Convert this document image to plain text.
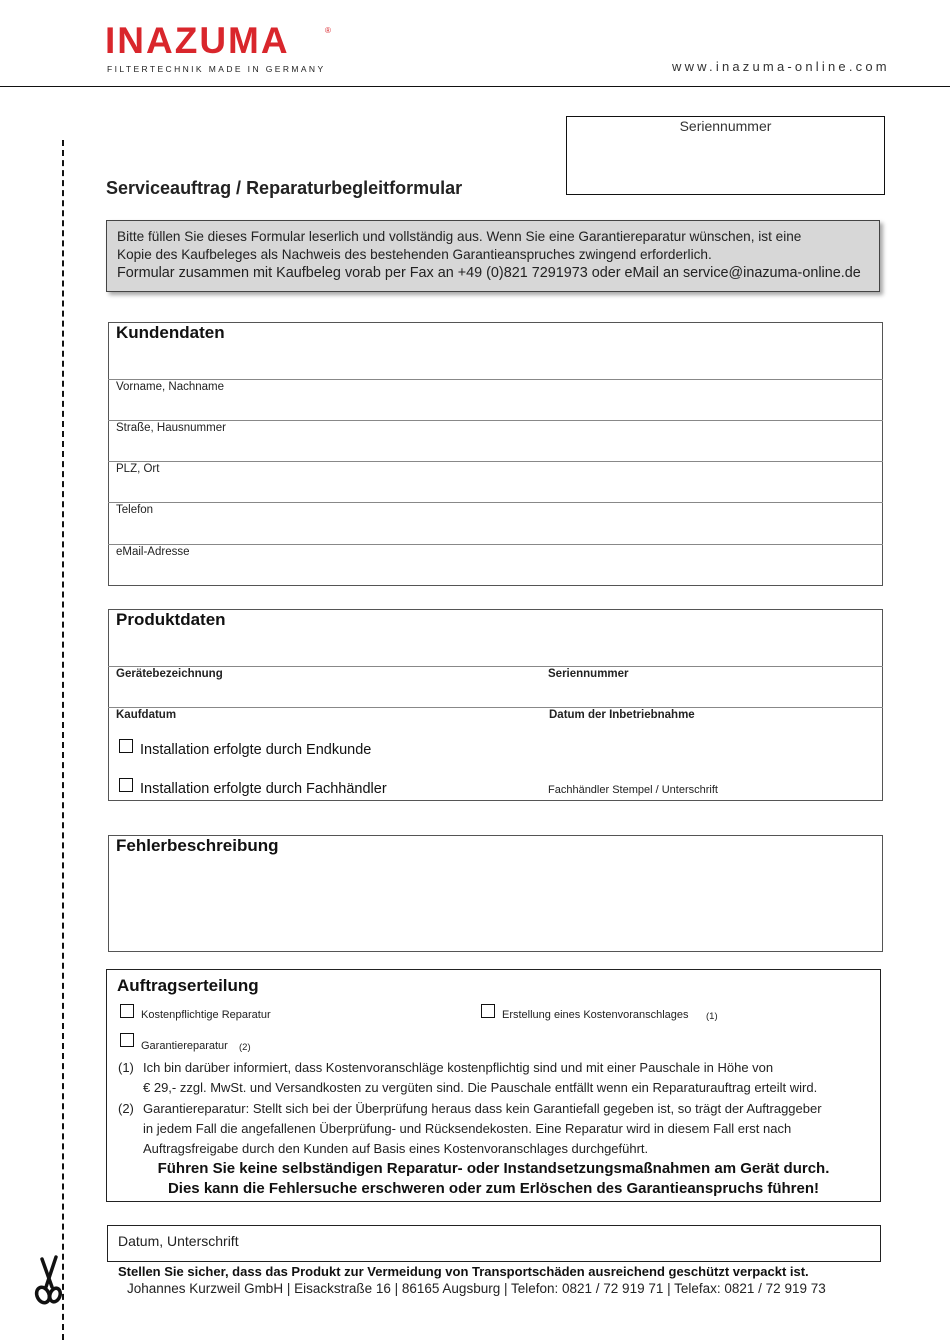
INAZUMA	®
FILTERTECHNIK MADE IN GERMANY	www.inazuma-online.com
Seriennummer
Serviceauftrag / Reparaturbegleitformular
Bitte füllen Sie dieses Formular leserlich und vollständig aus. Wenn Sie eine Garantiereparatur wünschen, ist eine
Kopie des Kaufbeleges als Nachweis des bestehenden Garantieanspruches zwingend erforderlich.
Formular zusammen mit Kaufbeleg vorab per Fax an +49 (0)821 7291973 oder eMail an service@inazuma-online.de
Kundendaten
Vorname, Nachname
Straße, Hausnummer
PLZ, Ort
Telefon
eMail-Adresse
Produktdaten
Gerätebezeichnung	Seriennummer
Kaufdatum	Datum der Inbetriebnahme
Installation erfolgte durch Endkunde
Installation erfolgte durch Fachhändler	Fachhändler Stempel / Unterschrift
Fehlerbeschreibung
Auftragserteilung
Kostenpflichtige Reparatur	Erstellung eines Kostenvoranschlages (1)
Garantiereparatur (2)
(1) Ich bin darüber informiert, dass Kostenvoranschläge kostenpflichtig sind und mit einer Pauschale in Höhe von
€ 29,- zzgl. MwSt. und Versandkosten zu vergüten sind. Die Pauschale entfällt wenn ein Reparaturauftrag erteilt wird.
(2) Garantiereparatur: Stellt sich bei der Überprüfung heraus dass kein Garantiefall gegeben ist, so trägt der Auftraggeber
in jedem Fall die angefallenen Überprüfung- und Rücksendekosten. Eine Reparatur wird in diesem Fall erst nach
Auftragsfreigabe durch den Kunden auf Basis eines Kostenvoranschlages durchgeführt.
Führen Sie keine selbständigen Reparatur- oder Instandsetzungsmaßnahmen am Gerät durch.
Dies kann die Fehlersuche erschweren oder zum Erlöschen des Garantieanspruchs führen!
Datum, Unterschrift
Stellen Sie sicher, dass das Produkt zur Vermeidung von Transportschäden ausreichend geschützt verpackt ist.
Johannes Kurzweil GmbH | Eisackstraße 16 | 86165 Augsburg | Telefon: 0821 / 72 919 71 | Telefax: 0821 / 72 919 73
